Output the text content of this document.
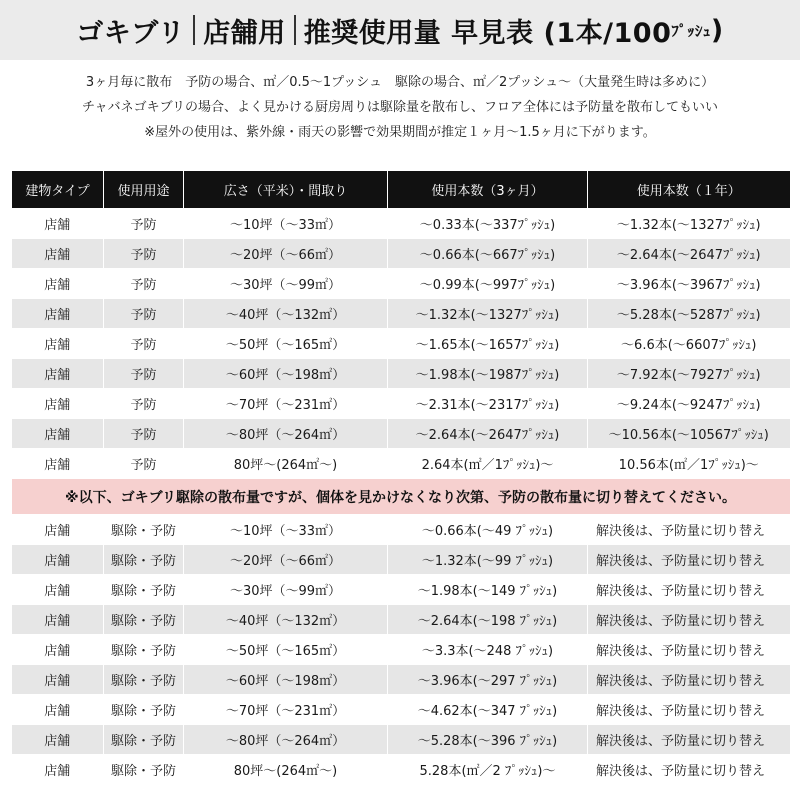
ゴキブリ 店舗用 推奨使用量 早見表 (1本/100 ﾌﾟｯｼｭ )
3ヶ月毎に散布　予防の場合、㎡／0.5～1プッシュ　駆除の場合、㎡／2プッシュ～（大量発生時は多めに）
チャバネゴキブリの場合、よく見かける厨房周りは駆除量を散布し、フロア全体には予防量を散布してもいい
※屋外の使用は、紫外線・雨天の影響で効果期間が推定１ヶ月～1.5ヶ月に下がります。
建物タイプ	使用用途	広さ（平米）・間取り	使用本数（3ヶ月）	使用本数（１年）
店舗	予防	～10坪（～33㎡）	～0.33本(～337ﾌﾟｯｼｭ)	～1.32本(～1327ﾌﾟｯｼｭ)
店舗	予防	～20坪（～66㎡）	～0.66本(～667ﾌﾟｯｼｭ)	～2.64本(～2647ﾌﾟｯｼｭ)
店舗	予防	～30坪（～99㎡）	～0.99本(～997ﾌﾟｯｼｭ)	～3.96本(～3967ﾌﾟｯｼｭ)
店舗	予防	～40坪（～132㎡）	～1.32本(～1327ﾌﾟｯｼｭ)	～5.28本(～5287ﾌﾟｯｼｭ)
店舗	予防	～50坪（～165㎡）	～1.65本(～1657ﾌﾟｯｼｭ)	～6.6本(～6607ﾌﾟｯｼｭ)
店舗	予防	～60坪（～198㎡）	～1.98本(～1987ﾌﾟｯｼｭ)	～7.92本(～7927ﾌﾟｯｼｭ)
店舗	予防	～70坪（～231㎡）	～2.31本(～2317ﾌﾟｯｼｭ)	～9.24本(～9247ﾌﾟｯｼｭ)
店舗	予防	～80坪（～264㎡）	～2.64本(～2647ﾌﾟｯｼｭ)	～10.56本(～10567ﾌﾟｯｼｭ)
店舗	予防	80坪～(264㎡～)	2.64本(㎡／1ﾌﾟｯｼｭ)～	10.56本(㎡／1ﾌﾟｯｼｭ)～
※以下、ゴキブリ駆除の散布量ですが、個体を見かけなくなり次第、予防の散布量に切り替えてください。				
店舗	駆除・予防	～10坪（～33㎡）	～0.66本(～49 ﾌﾟｯｼｭ)	解決後は、予防量に切り替え
店舗	駆除・予防	～20坪（～66㎡）	～1.32本(～99 ﾌﾟｯｼｭ)	解決後は、予防量に切り替え
店舗	駆除・予防	～30坪（～99㎡）	～1.98本(～149 ﾌﾟｯｼｭ)	解決後は、予防量に切り替え
店舗	駆除・予防	～40坪（～132㎡）	～2.64本(～198 ﾌﾟｯｼｭ)	解決後は、予防量に切り替え
店舗	駆除・予防	～50坪（～165㎡）	～3.3本(～248 ﾌﾟｯｼｭ)	解決後は、予防量に切り替え
店舗	駆除・予防	～60坪（～198㎡）	～3.96本(～297 ﾌﾟｯｼｭ)	解決後は、予防量に切り替え
店舗	駆除・予防	～70坪（～231㎡）	～4.62本(～347 ﾌﾟｯｼｭ)	解決後は、予防量に切り替え
店舗	駆除・予防	～80坪（～264㎡）	～5.28本(～396 ﾌﾟｯｼｭ)	解決後は、予防量に切り替え
店舗	駆除・予防	80坪～(264㎡～)	5.28本(㎡／2 ﾌﾟｯｼｭ)～	解決後は、予防量に切り替え
